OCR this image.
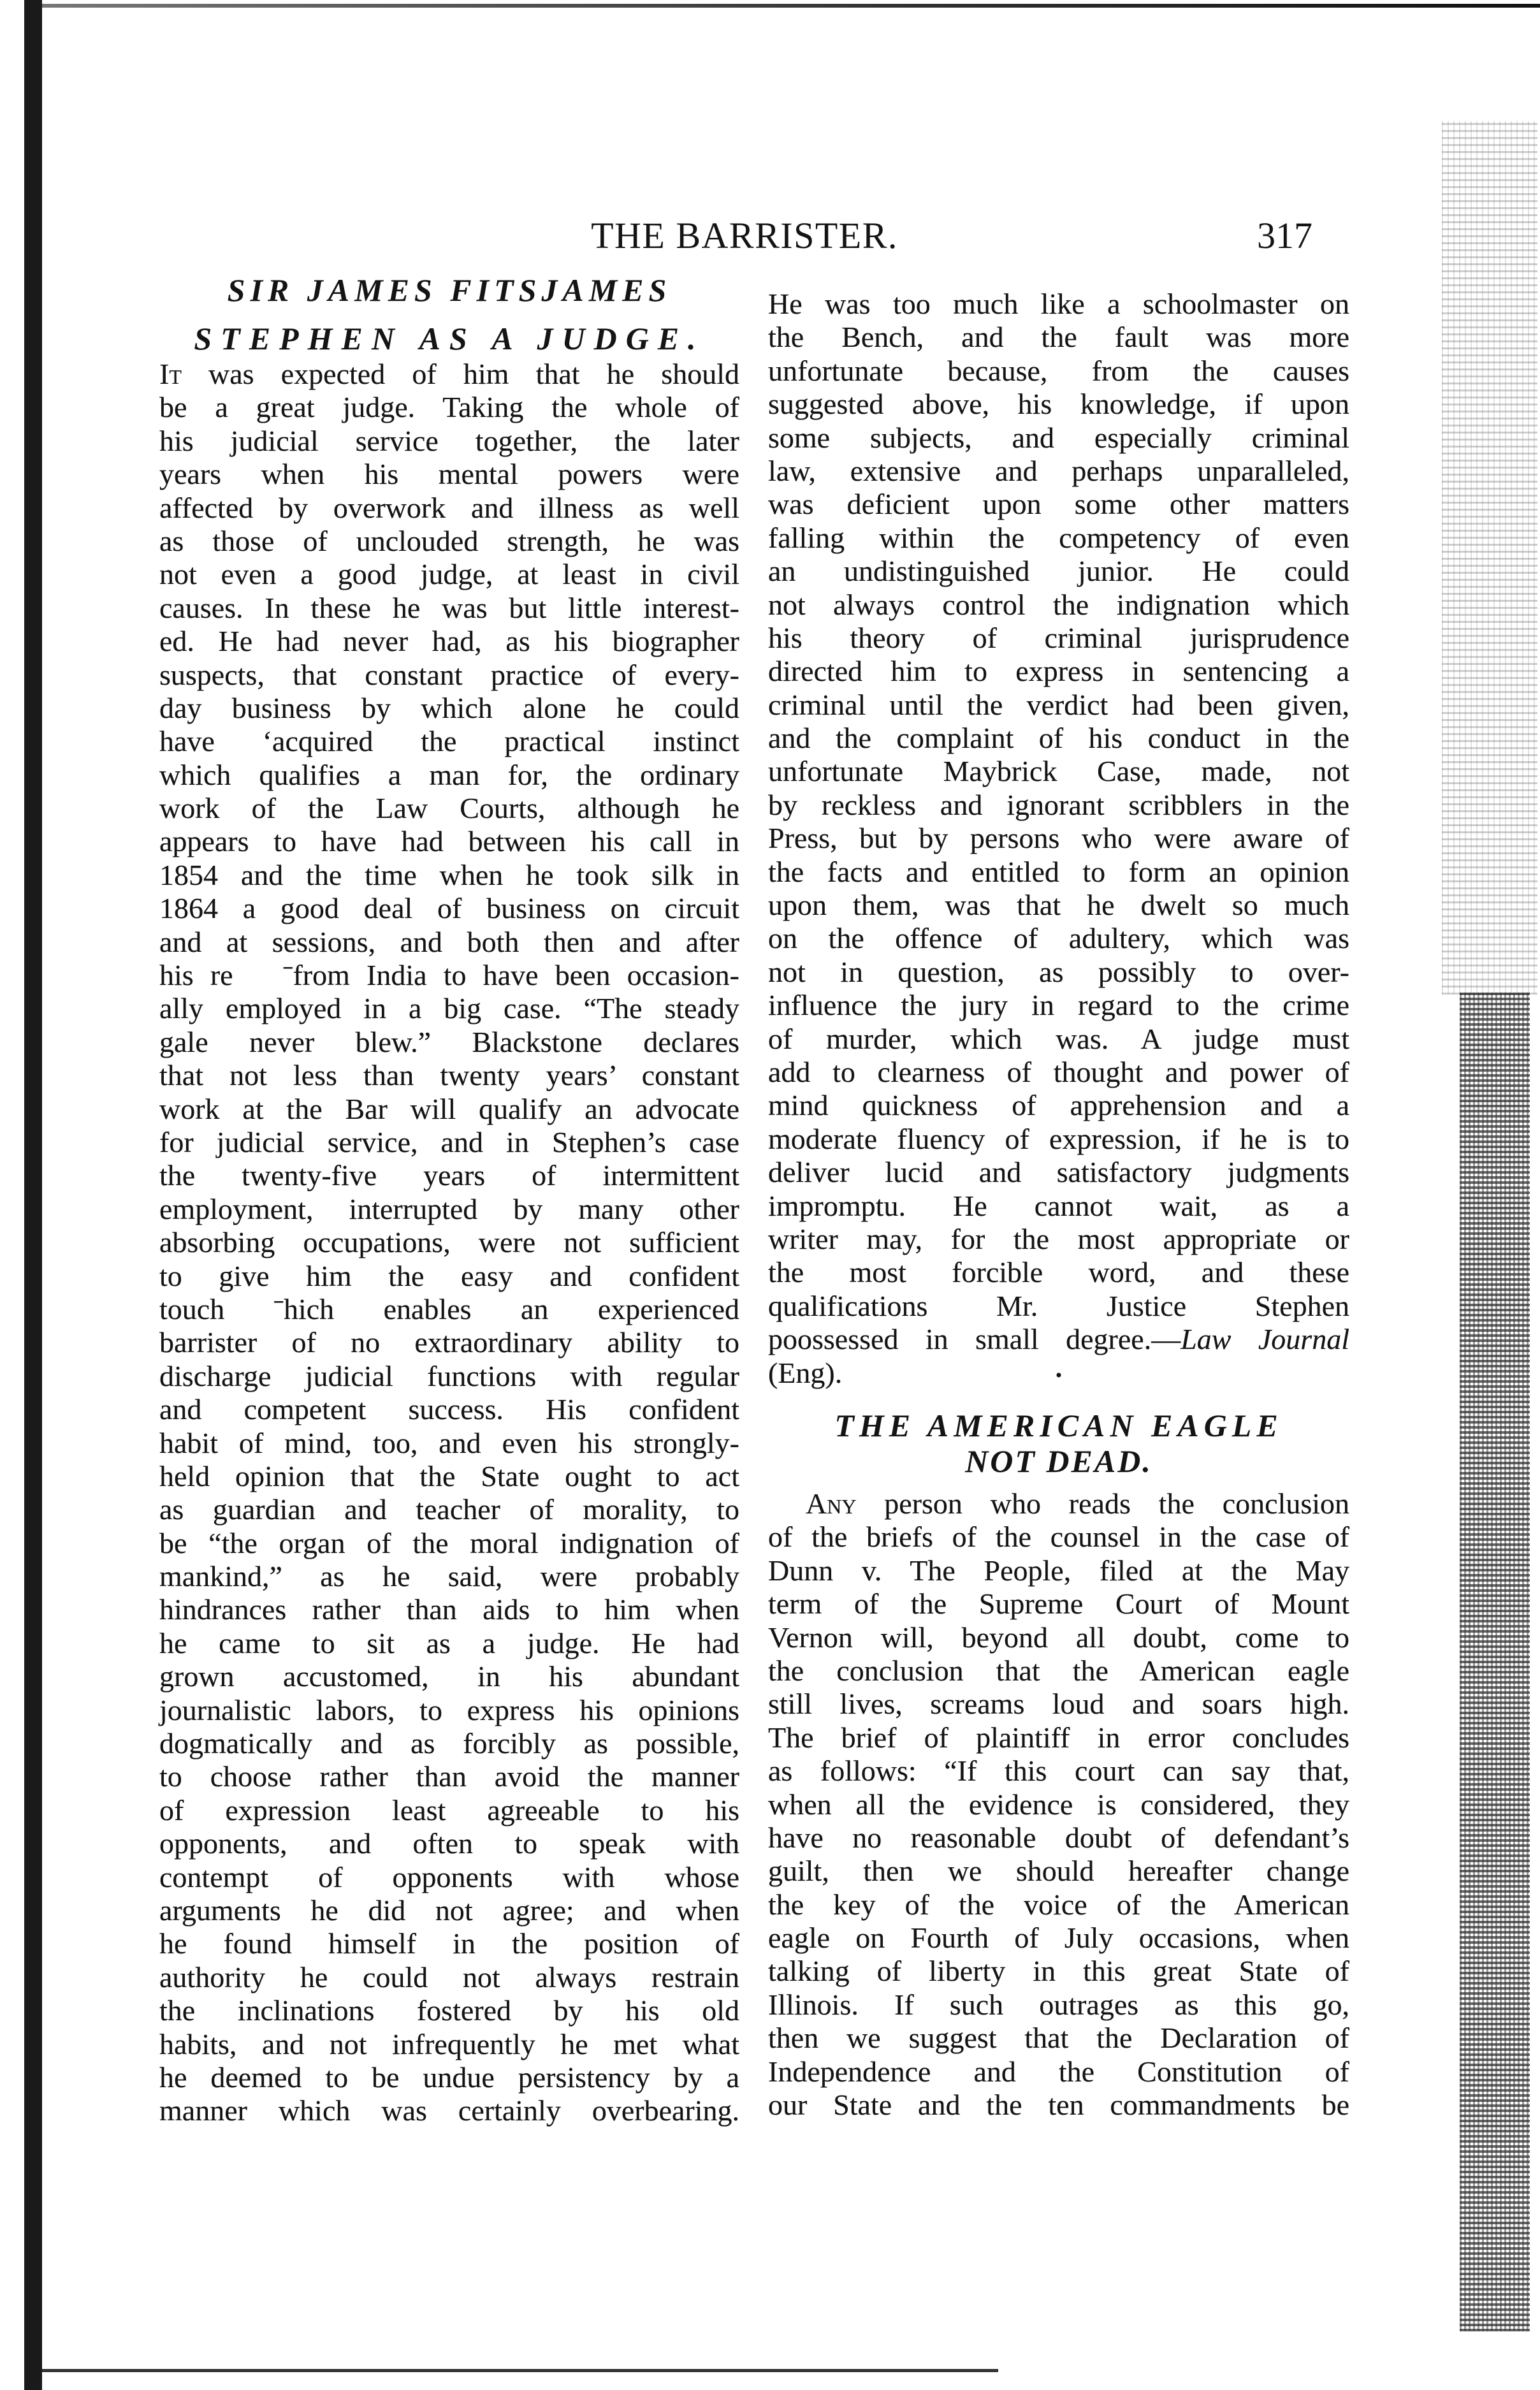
THE BARRISTER.	317
SIR JAMES FITSJAMES
STEPHEN AS A JUDGE.
It was expected of him that he should
be a great judge. Taking the whole of
his judicial service together, the later
years when his mental powers were
affected by overwork and illness as well
as those of unclouded strength, he was
not even a good judge, at least in civil
causes. In these he was but little interest-
ed. He had never had, as his biographer
suspects, that constant practice of every-
day business by which alone he could
have ‘acquired the practical instinct
which qualifies a man for, the ordinary
work of the Law Courts, although he
appears to have had between his call in
1854 and the time when he took silk in
1864 a good deal of business on circuit
and at sessions, and both then and after
his re   ˉfrom India to have been occasion-
ally employed in a big case. “The steady
gale never blew.” Blackstone declares
that not less than twenty years’ constant
work at the Bar will qualify an advocate
for judicial service, and in Stephen’s case
the twenty-five years of intermittent
employment, interrupted by many other
absorbing occupations, were not sufficient
to give him the easy and confident
touch ˉhich enables an experienced
barrister of no extraordinary ability to
discharge judicial functions with regular
and competent success. His confident
habit of mind, too, and even his strongly-
held opinion that the State ought to act
as guardian and teacher of morality, to
be “the organ of the moral indignation of
mankind,” as he said, were probably
hindrances rather than aids to him when
he came to sit as a judge. He had
grown accustomed, in his abundant
journalistic labors, to express his opinions
dogmatically and as forcibly as possible,
to choose rather than avoid the manner
of expression least agreeable to his
opponents, and often to speak with
contempt of opponents with whose
arguments he did not agree; and when
he found himself in the position of
authority he could not always restrain
the inclinations fostered by his old
habits, and not infrequently he met what
he deemed to be undue persistency by a
manner which was certainly overbearing.
He was too much like a schoolmaster on
the Bench, and the fault was more
unfortunate because, from the causes
suggested above, his knowledge, if upon
some subjects, and especially criminal
law, extensive and perhaps unparalleled,
was deficient upon some other matters
falling within the competency of even
an undistinguished junior. He could
not always control the indignation which
his theory of criminal jurisprudence
directed him to express in sentencing a
criminal until the verdict had been given,
and the complaint of his conduct in the
unfortunate Maybrick Case, made, not
by reckless and ignorant scribblers in the
Press, but by persons who were aware of
the facts and entitled to form an opinion
upon them, was that he dwelt so much
on the offence of adultery, which was
not in question, as possibly to over-
influence the jury in regard to the crime
of murder, which was. A judge must
add to clearness of thought and power of
mind quickness of apprehension and a
moderate fluency of expression, if he is to
deliver lucid and satisfactory judgments
impromptu. He cannot wait, as a
writer may, for the most appropriate or
the most forcible word, and these
qualifications Mr. Justice Stephen
poossessed in small degree.—Law Journal
(Eng).	•
THE AMERICAN EAGLE
NOT DEAD.
Any person who reads the conclusion
of the briefs of the counsel in the case of
Dunn v. The People, filed at the May
term of the Supreme Court of Mount
Vernon will, beyond all doubt, come to
the conclusion that the American eagle
still lives, screams loud and soars high.
The brief of plaintiff in error concludes
as follows: “If this court can say that,
when all the evidence is considered, they
have no reasonable doubt of defendant’s
guilt, then we should hereafter change
the key of the voice of the American
eagle on Fourth of July occasions, when
talking of liberty in this great State of
Illinois. If such outrages as this go,
then we suggest that the Declaration of
Independence and the Constitution of
our State and the ten commandments be
